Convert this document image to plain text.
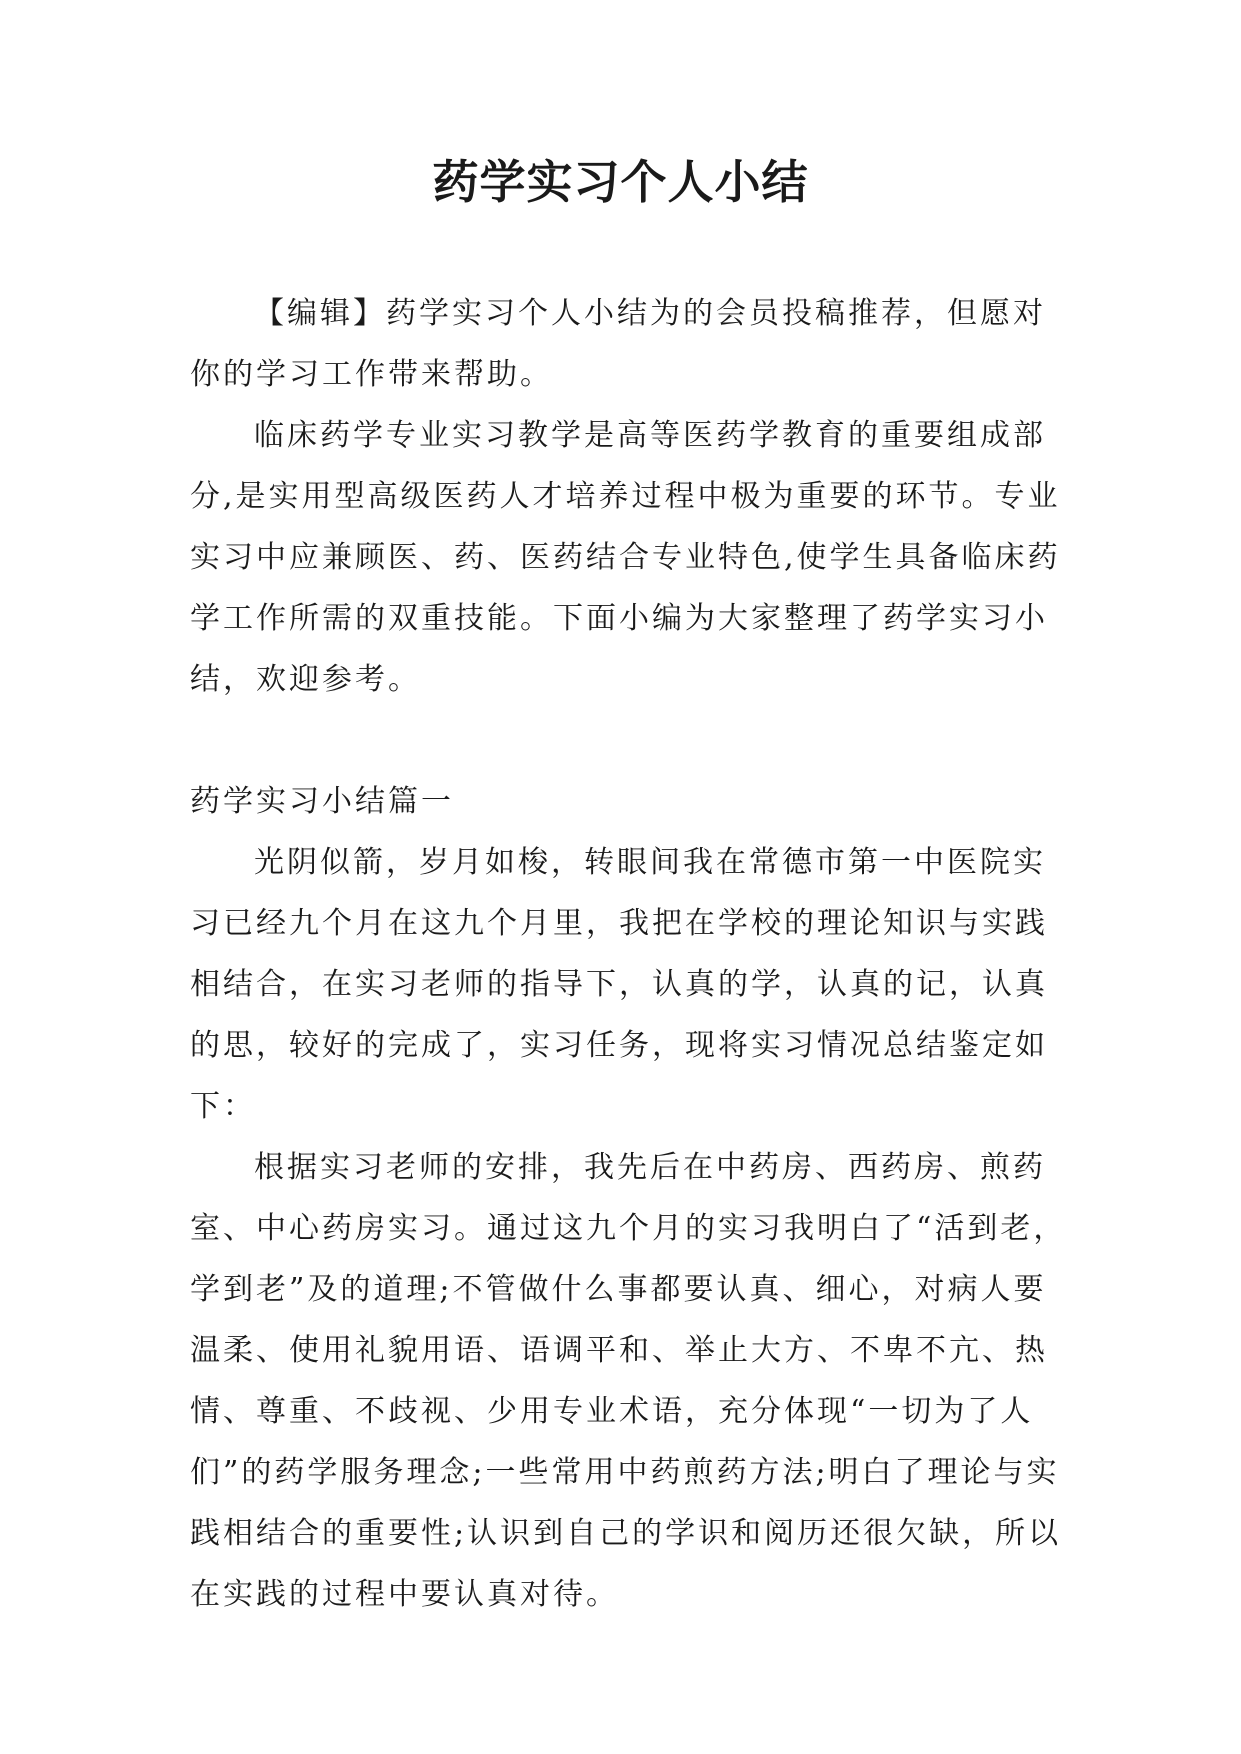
药学实习个人小结

【编辑】药学实习个人小结为的会员投稿推荐，但愿对你的学习工作带来帮助。

临床药学专业实习教学是高等医药学教育的重要组成部分,是实用型高级医药人才培养过程中极为重要的环节。专业实习中应兼顾医、药、医药结合专业特色,使学生具备临床药学工作所需的双重技能。下面小编为大家整理了药学实习小结，欢迎参考。

药学实习小结篇一

光阴似箭，岁月如梭，转眼间我在常德市第一中医院实习已经九个月在这九个月里，我把在学校的理论知识与实践相结合，在实习老师的指导下，认真的学，认真的记，认真的思，较好的完成了，实习任务，现将实习情况总结鉴定如下：

根据实习老师的安排，我先后在中药房、西药房、煎药室、中心药房实习。通过这九个月的实习我明白了“活到老，学到老”及的道理;不管做什么事都要认真、细心，对病人要温柔、使用礼貌用语、语调平和、举止大方、不卑不亢、热情、尊重、不歧视、少用专业术语，充分体现“一切为了人们”的药学服务理念;一些常用中药煎药方法;明白了理论与实践相结合的重要性;认识到自己的学识和阅历还很欠缺，所以在实践的过程中要认真对待。
